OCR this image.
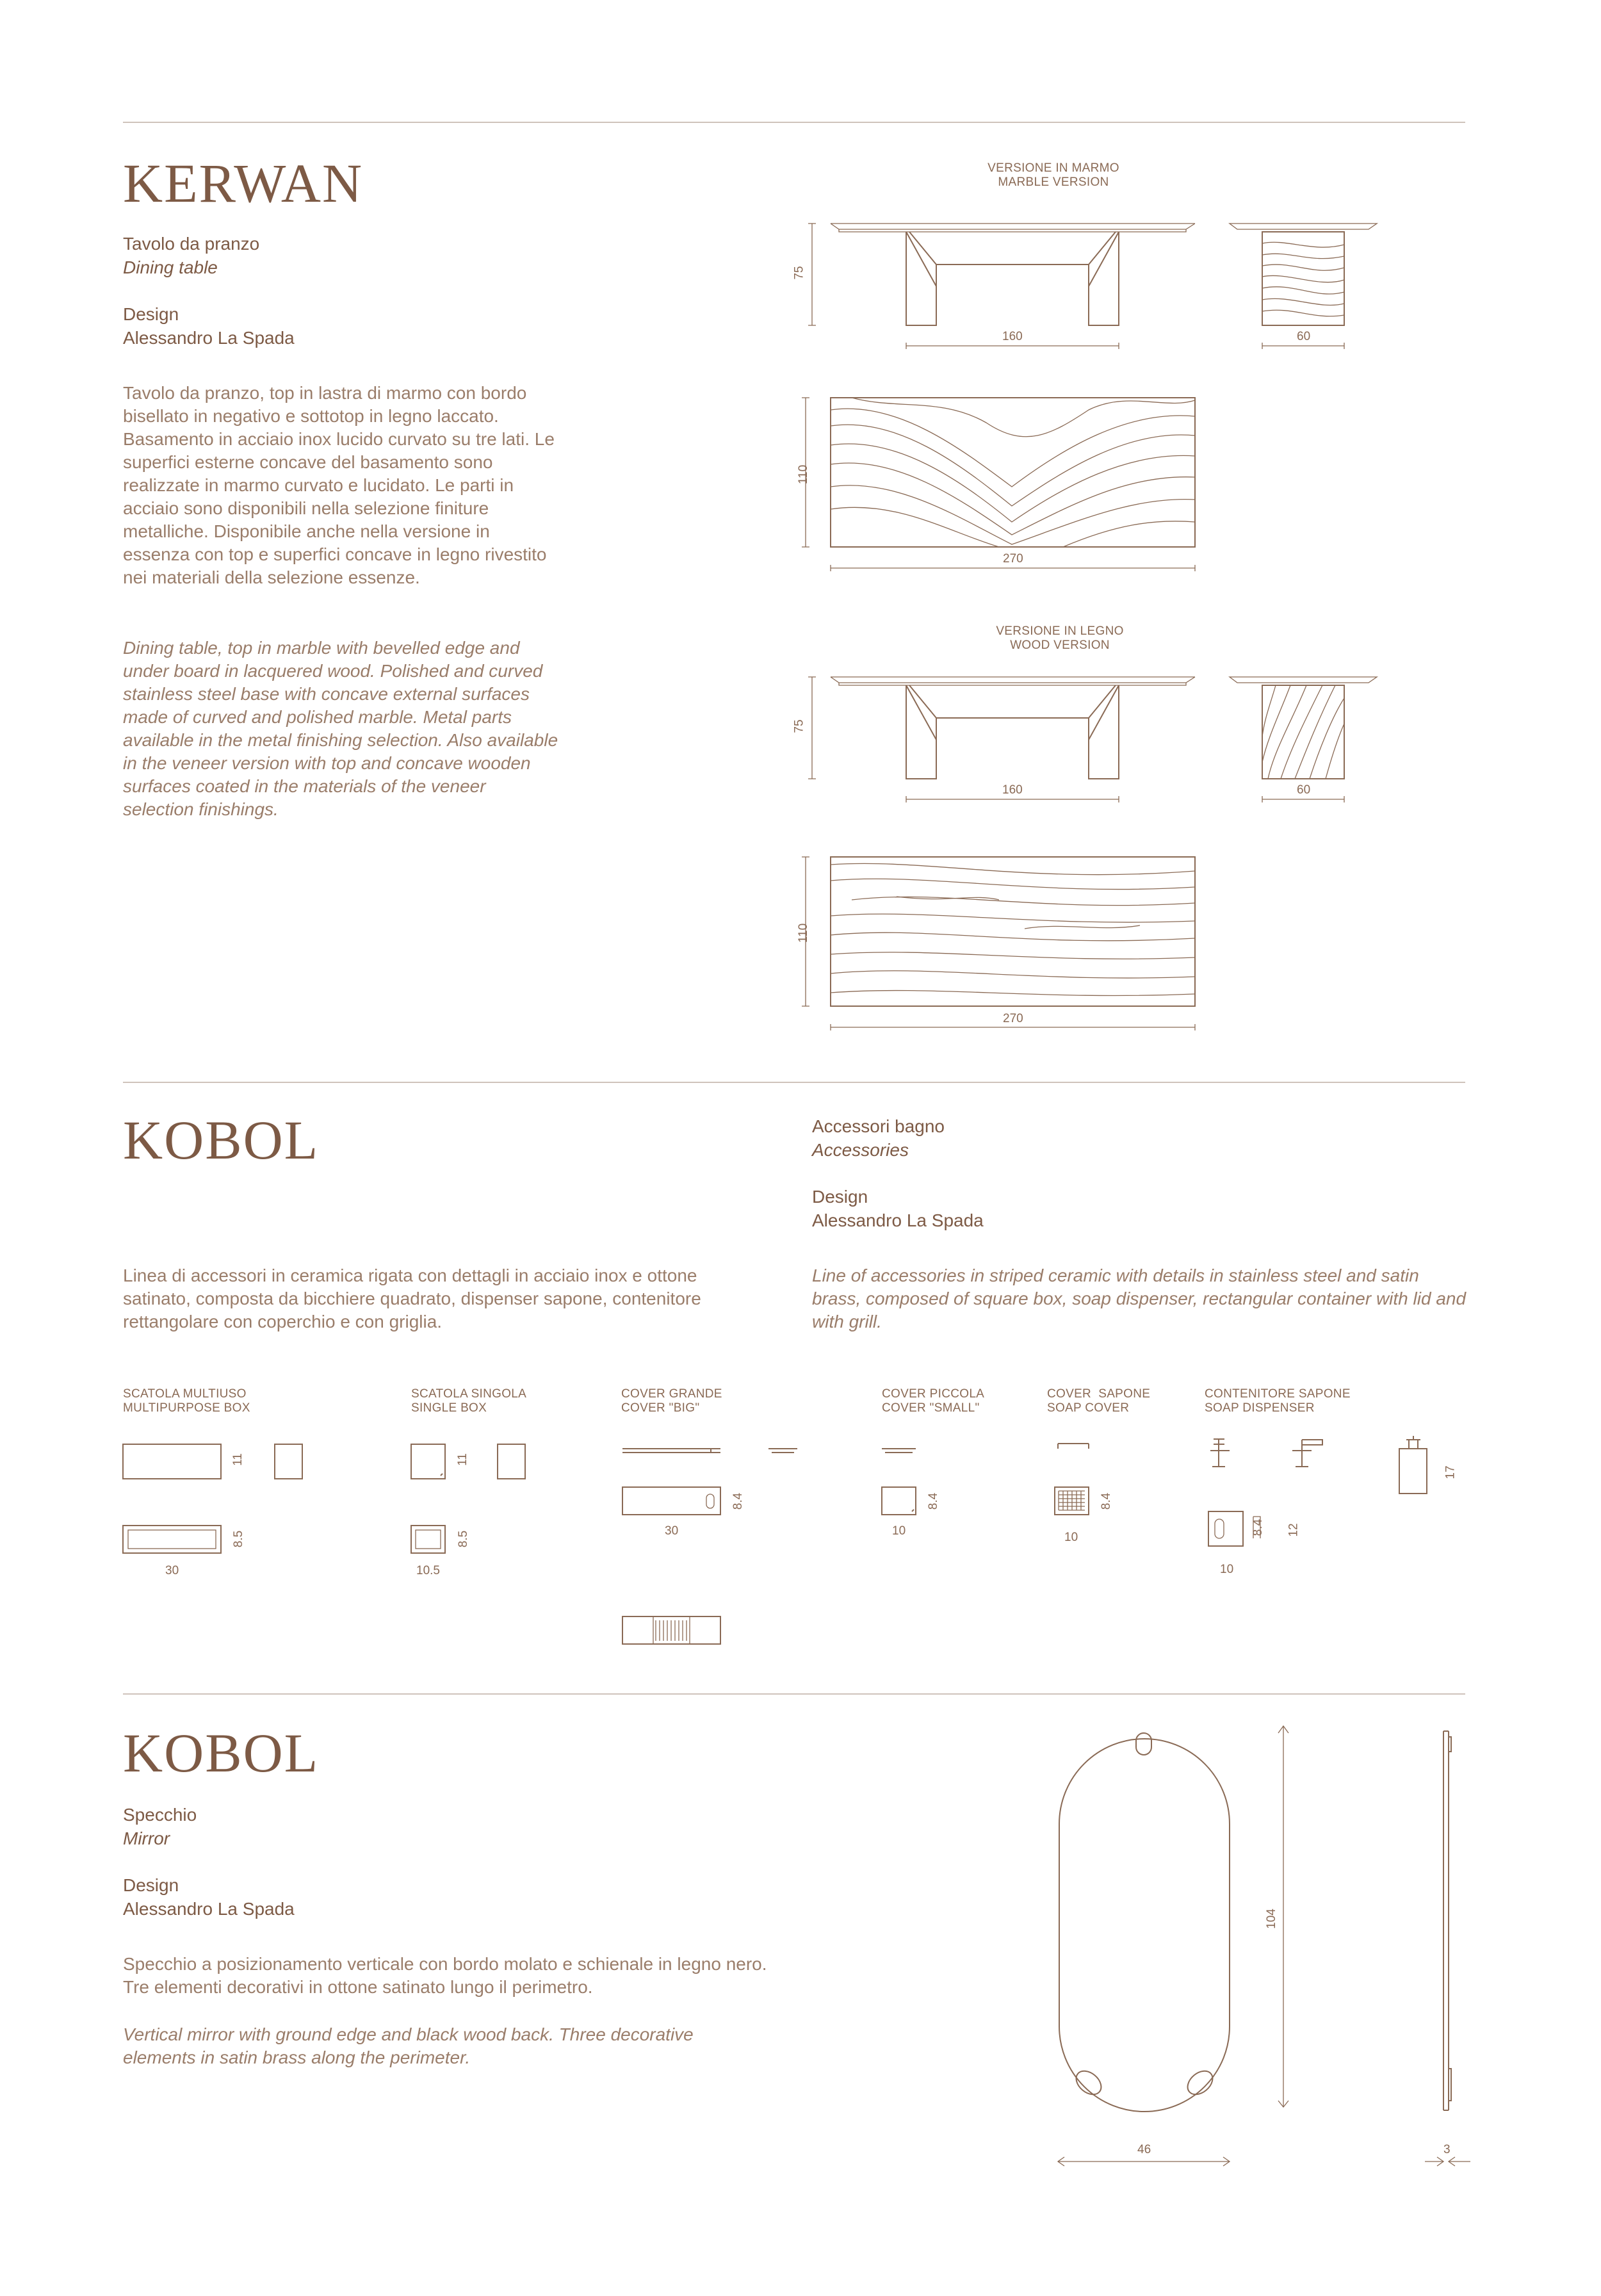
KERWAN
Tavolo da pranzo
Dining table
Design
Alessandro La Spada

Tavolo da pranzo, top in lastra di marmo con bordo bisellato in negativo e sottotop in legno laccato. Basamento in acciaio inox lucido curvato su tre lati. Le superfici esterne concave del basamento sono realizzate in marmo curvato e lucidato. Le parti in acciaio sono disponibili nella selezione finiture metalliche. Disponibile anche nella versione in essenza con top e superfici concave in legno rivestito nei materiali della selezione essenze.

Dining table, top in marble with bevelled edge and under board in lacquered wood. Polished and curved stainless steel base with concave external surfaces made of curved and polished marble. Metal parts available in the metal finishing selection. Also available in the veneer version with top and concave wooden surfaces coated in the materials of the veneer selection finishings.

VERSIONE IN MARMO
MARBLE VERSION
VERSIONE IN LEGNO
WOOD VERSION
75
160	60
110
270
75
160	60
110
270
KOBOL	Accessori bagno
Accessories
Design
Alessandro La Spada

Linea di accessori in ceramica rigata con dettagli in acciaio inox e ottone satinato, composta da bicchiere quadrato, dispenser sapone, contenitore rettangolare con coperchio e con griglia.

Line of accessories in striped ceramic with details in stainless steel and satin brass, composed of square box, soap dispenser, rectangular container with lid and with grill.

SCATOLA MULTIUSO
MULTIPURPOSE BOX
SCATOLA SINGOLA
SINGLE BOX
COVER GRANDE
COVER "BIG"
COVER PICCOLA
COVER "SMALL"
COVER  SAPONE
SOAP COVER
CONTENITORE SAPONE
SOAP DISPENSER
11
8.5
30
11
8.5
10.5
8.4
30
8.4
10
8.4
10
8.4 12
10
17
KOBOL
Specchio
Mirror
Design
Alessandro La Spada

Specchio a posizionamento verticale con bordo molato e schienale in legno nero. Tre elementi decorativi in ottone satinato lungo il perimetro.

Vertical mirror with ground edge and black wood back. Three decorative elements in satin brass along the perimeter.

104
46	3
